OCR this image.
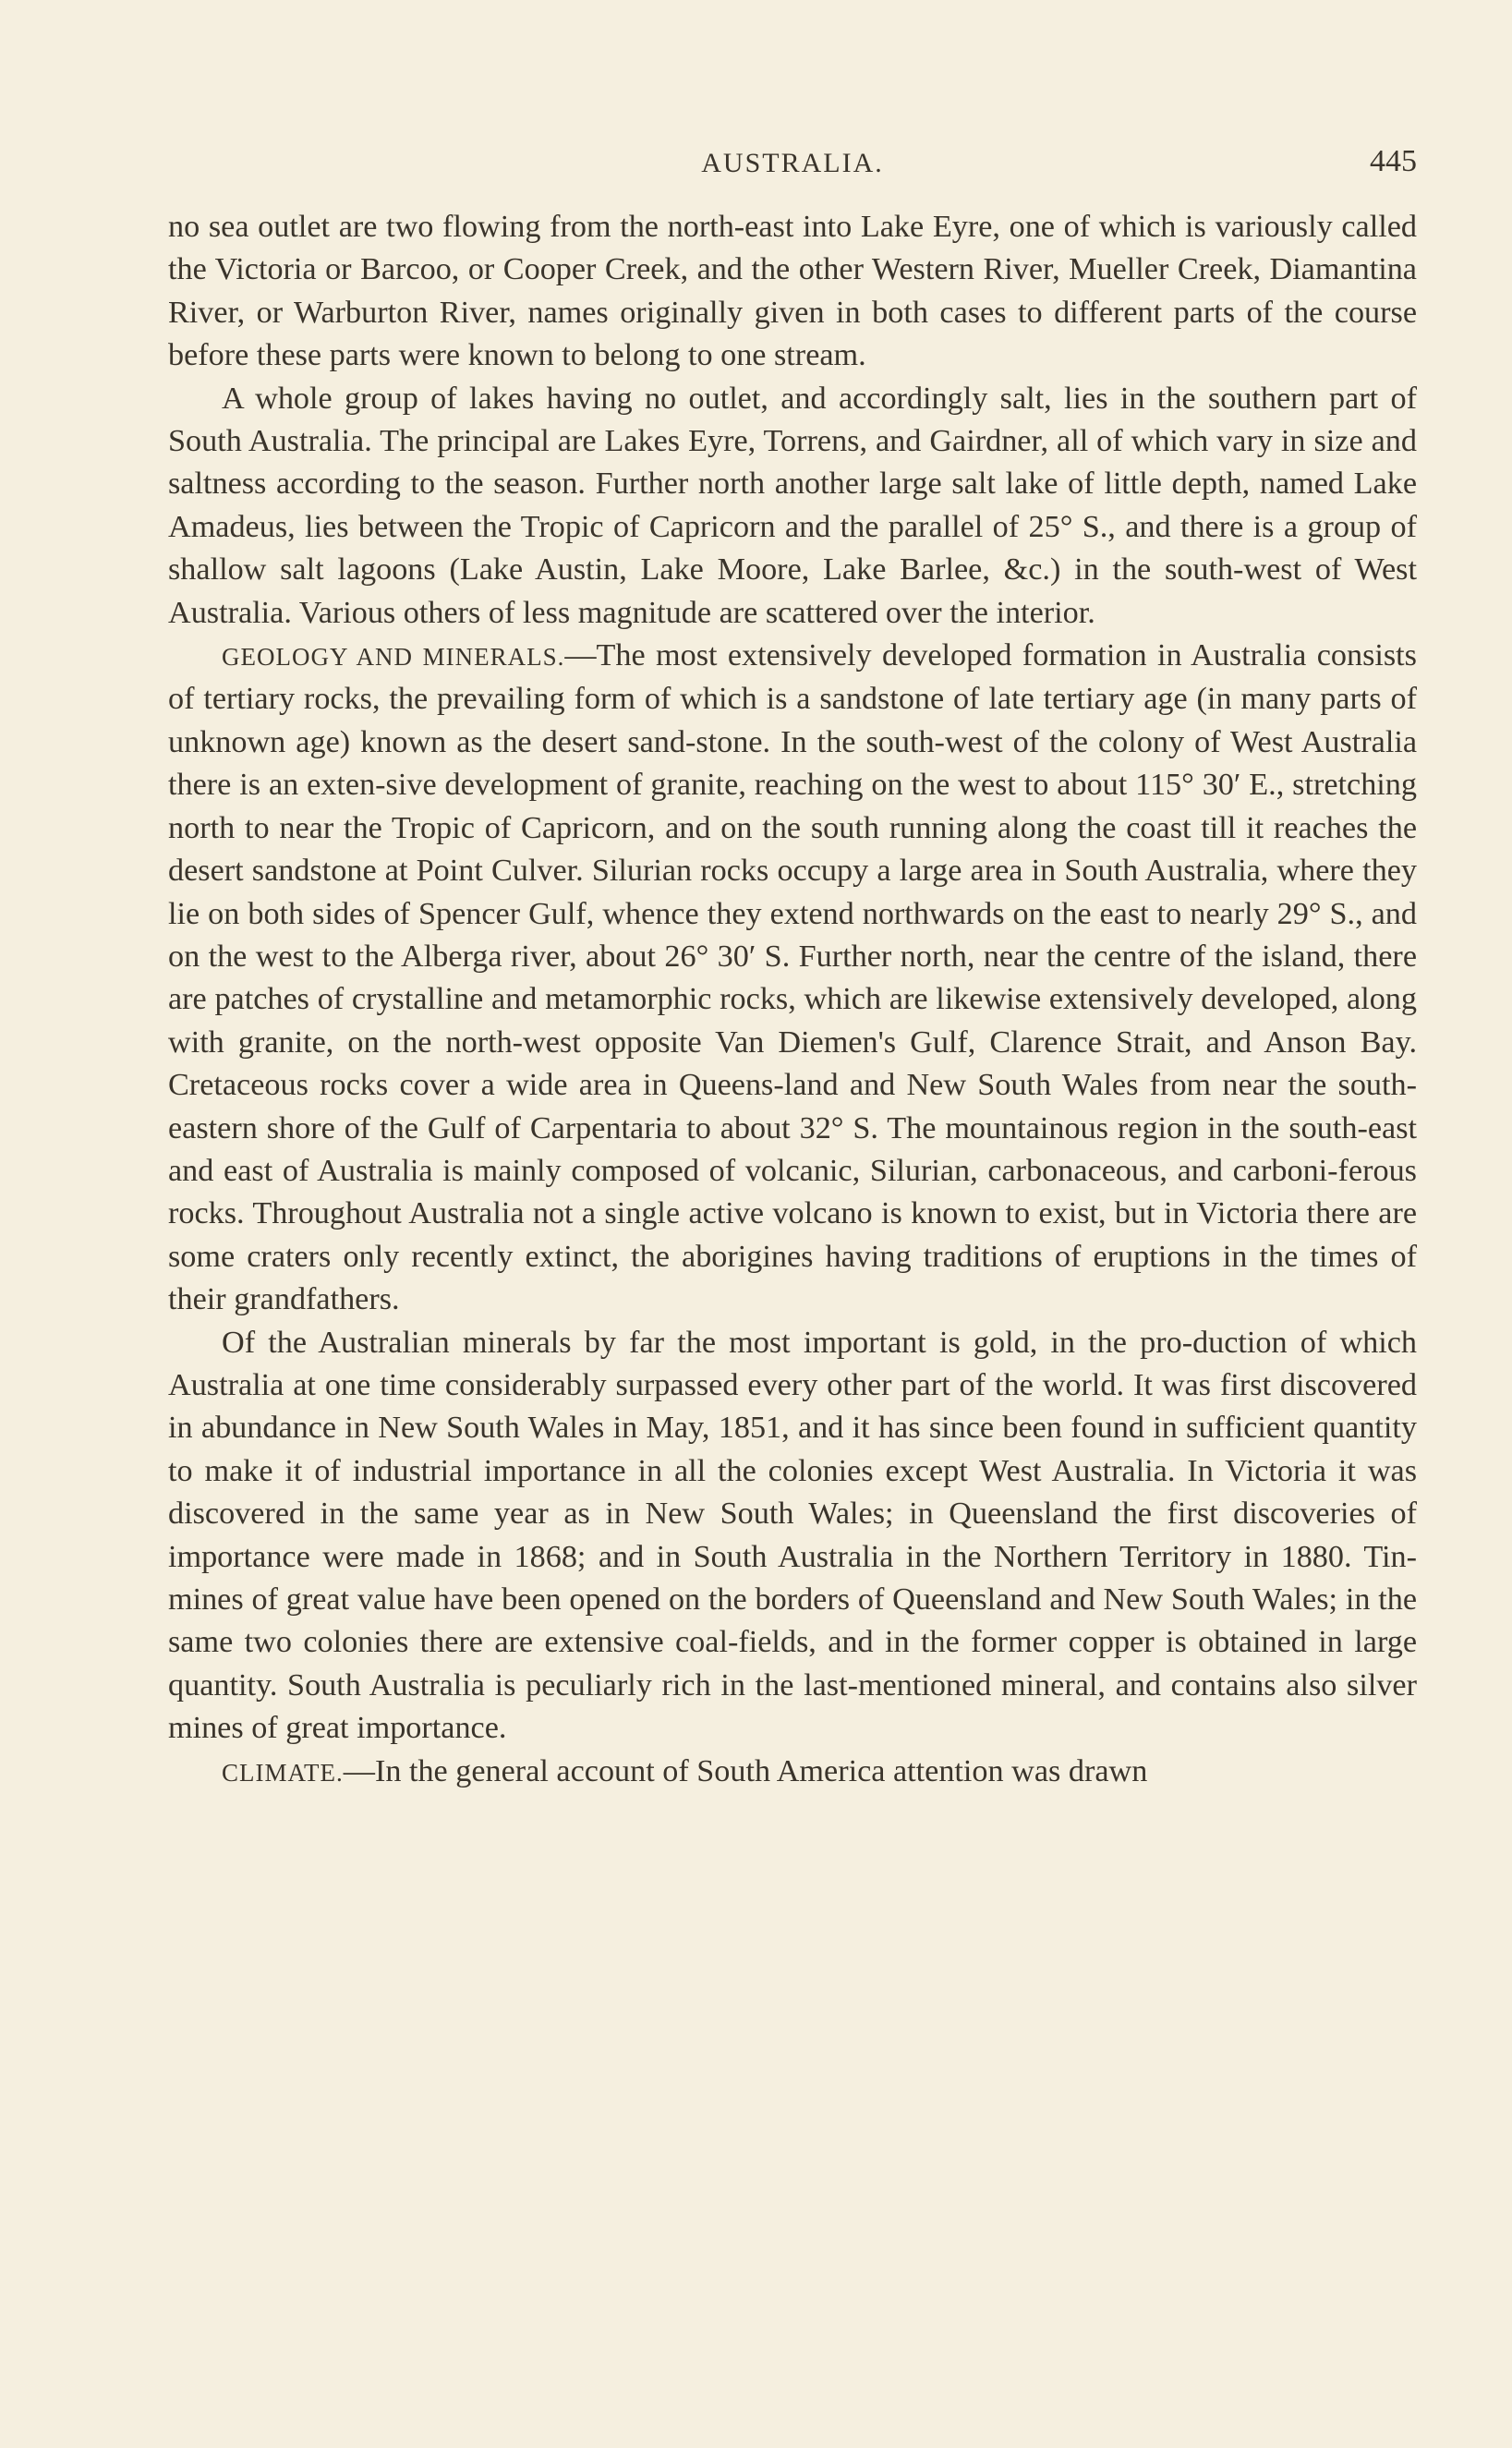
AUSTRALIA.	445

no sea outlet are two flowing from the north-east into Lake Eyre, one of which is variously called the Victoria or Barcoo, or Cooper Creek, and the other Western River, Mueller Creek, Diamantina River, or Warburton River, names originally given in both cases to different parts of the course before these parts were known to belong to one stream.

A whole group of lakes having no outlet, and accordingly salt, lies in the southern part of South Australia. The principal are Lakes Eyre, Torrens, and Gairdner, all of which vary in size and saltness according to the season. Further north another large salt lake of little depth, named Lake Amadeus, lies between the Tropic of Capricorn and the parallel of 25° S., and there is a group of shallow salt lagoons (Lake Austin, Lake Moore, Lake Barlee, &c.) in the south-west of West Australia. Various others of less magnitude are scattered over the interior.

GEOLOGY AND MINERALS.—The most extensively developed formation in Australia consists of tertiary rocks, the prevailing form of which is a sandstone of late tertiary age (in many parts of unknown age) known as the desert sand-stone. In the south-west of the colony of West Australia there is an exten-sive development of granite, reaching on the west to about 115° 30′ E., stretching north to near the Tropic of Capricorn, and on the south running along the coast till it reaches the desert sandstone at Point Culver. Silurian rocks occupy a large area in South Australia, where they lie on both sides of Spencer Gulf, whence they extend northwards on the east to nearly 29° S., and on the west to the Alberga river, about 26° 30′ S. Further north, near the centre of the island, there are patches of crystalline and metamorphic rocks, which are likewise extensively developed, along with granite, on the north-west opposite Van Diemen's Gulf, Clarence Strait, and Anson Bay. Cretaceous rocks cover a wide area in Queens-land and New South Wales from near the south-eastern shore of the Gulf of Carpentaria to about 32° S. The mountainous region in the south-east and east of Australia is mainly composed of volcanic, Silurian, carbonaceous, and carboni-ferous rocks. Throughout Australia not a single active volcano is known to exist, but in Victoria there are some craters only recently extinct, the aborigines having traditions of eruptions in the times of their grandfathers.

Of the Australian minerals by far the most important is gold, in the pro-duction of which Australia at one time considerably surpassed every other part of the world. It was first discovered in abundance in New South Wales in May, 1851, and it has since been found in sufficient quantity to make it of industrial importance in all the colonies except West Australia. In Victoria it was discovered in the same year as in New South Wales; in Queensland the first discoveries of importance were made in 1868; and in South Australia in the Northern Territory in 1880. Tin-mines of great value have been opened on the borders of Queensland and New South Wales; in the same two colonies there are extensive coal-fields, and in the former copper is obtained in large quantity. South Australia is peculiarly rich in the last-mentioned mineral, and contains also silver mines of great importance.

CLIMATE.—In the general account of South America attention was drawn
